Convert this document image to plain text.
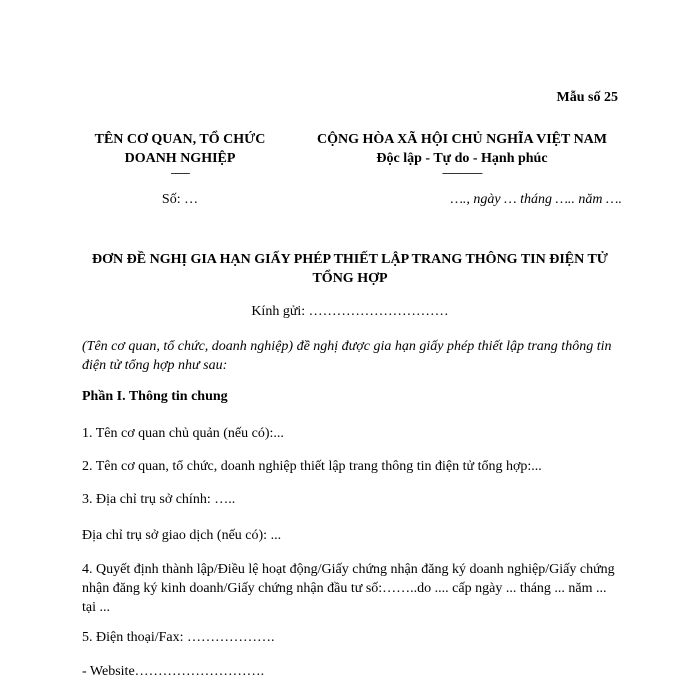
Mẫu số 25
TÊN CƠ QUAN, TỔ CHỨC
DOANH NGHIỆP
-------
CỘNG HÒA XÃ HỘI CHỦ NGHĨA VIỆT NAM
Độc lập - Tự do - Hạnh phúc
---------------
Số: …	…., ngày … tháng ….. năm ….
ĐƠN ĐỀ NGHỊ GIA HẠN GIẤY PHÉP THIẾT LẬP TRANG THÔNG TIN ĐIỆN TỬ TỔNG HỢP
Kính gửi: …………………………
(Tên cơ quan, tổ chức, doanh nghiệp) đề nghị được gia hạn giấy phép thiết lập trang thông tin điện tử tổng hợp như sau:
Phần I. Thông tin chung
1. Tên cơ quan chủ quản (nếu có):...
2. Tên cơ quan, tổ chức, doanh nghiệp thiết lập trang thông tin điện tử tổng hợp:...
3. Địa chỉ trụ sở chính: …..
Địa chỉ trụ sở giao dịch (nếu có): ...
4. Quyết định thành lập/Điều lệ hoạt động/Giấy chứng nhận đăng ký doanh nghiệp/Giấy chứng nhận đăng ký kinh doanh/Giấy chứng nhận đầu tư số:……..do .... cấp ngày ... tháng ... năm ... tại ...
5. Điện thoại/Fax: ……………….
- Website……………………….
